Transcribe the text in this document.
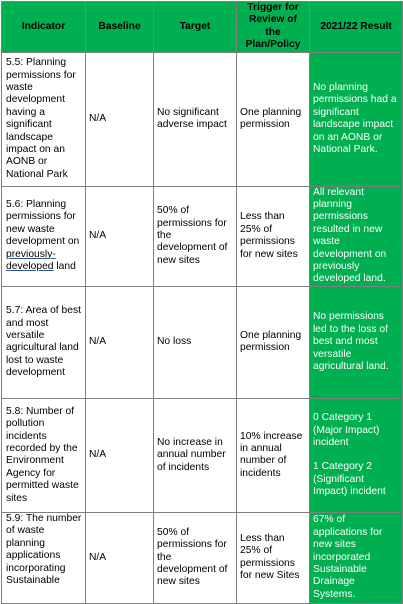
Indicator	Baseline	Target	Trigger for Review of the Plan/Policy	2021/22 Result
5.5: Planning permissions for waste development having a significant landscape impact on an AONB or National Park	N/A	No significant adverse impact	One planning permission	No planning permissions had a significant landscape impact on an AONB or National Park.

5.6: Planning permissions for new waste development on previously-developed land	N/A	50% of permissions for the development of new sites	Less than 25% of permissions for new sites	All relevant planning permissions resulted in new waste development on previously developed land.

5.7: Area of best and most versatile agricultural land lost to waste development	N/A	No loss	One planning permission	No permissions led to the loss of best and most versatile agricultural land.

5.8: Number of pollution incidents recorded by the Environment Agency for permitted waste sites	N/A	No increase in annual number of incidents	10% increase in annual number of incidents	0 Category 1 (Major Impact) incident
1 Category 2 (Significant Impact) incident

5.9: The number of waste planning applications incorporating Sustainable	N/A	50% of permissions for the development of new sites	Less than 25% of permissions for new Sites	67% of applications for new sites incorporated Sustainable Drainage Systems.
